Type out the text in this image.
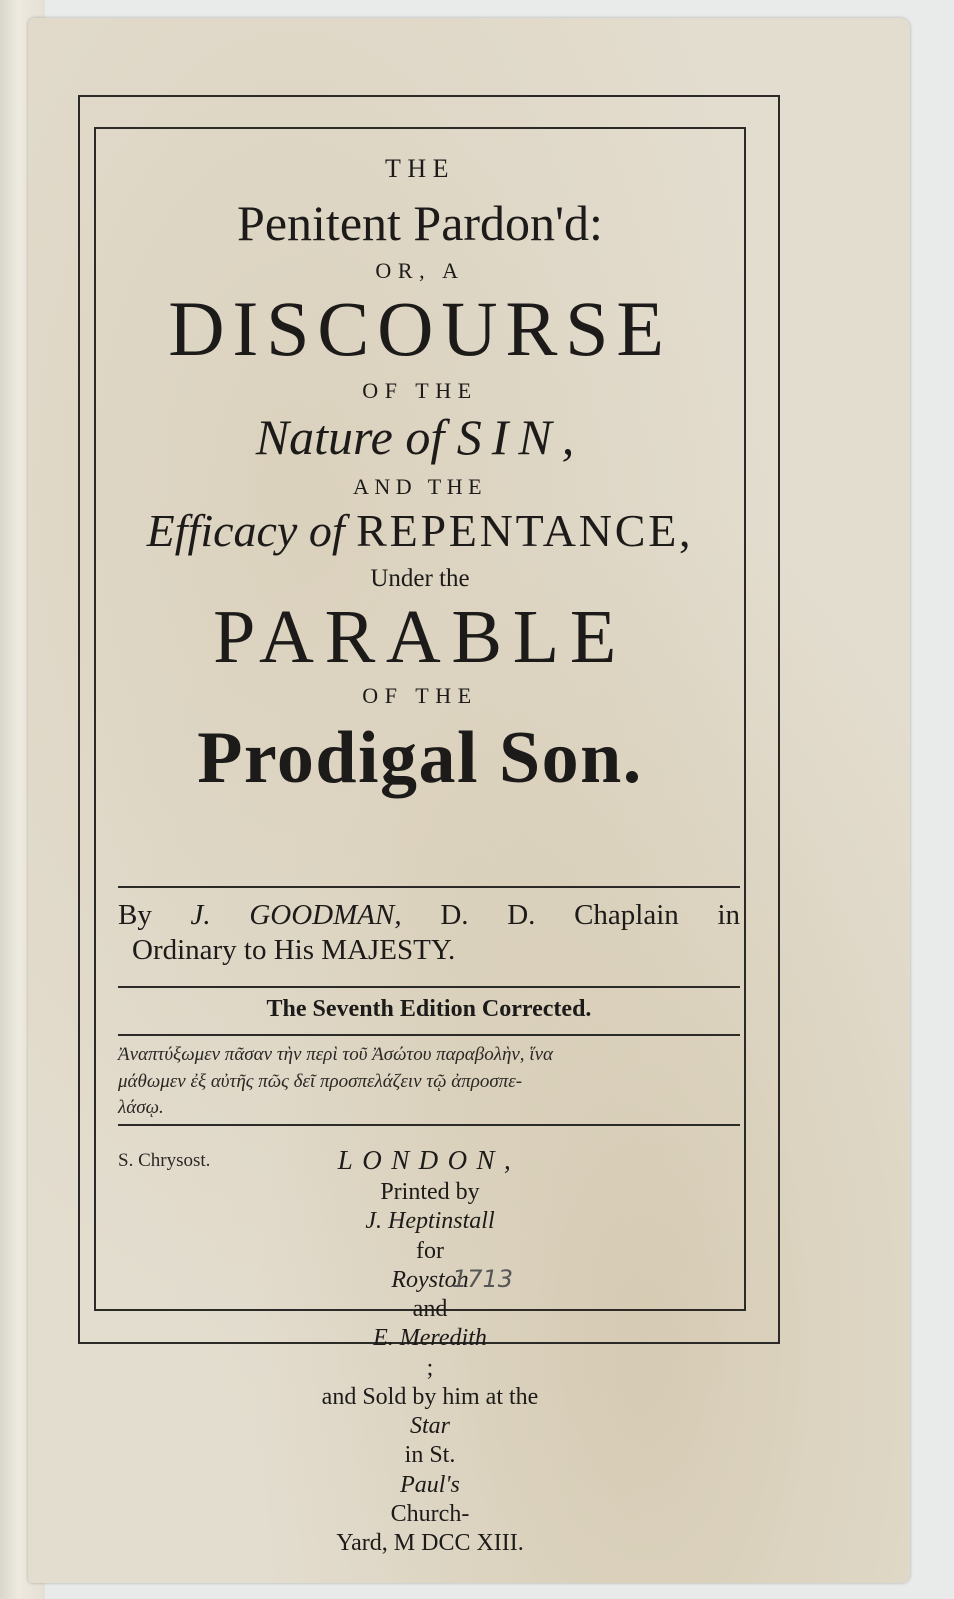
THE
Penitent Pardon'd:
OR, A
DISCOURSE
OF THE
Nature of SIN,
AND THE
Efficacy of REPENTANCE,
Under the
PARABLE
OF THE
Prodigal Son.
By J. GOODMAN, D. D. Chaplain in
Ordinary to His MAJESTY.
The Seventh Edition Corrected.
Ἀναπτύξωμεν πᾶσαν τὴν περὶ τοῦ Ἀσώτου παραβολὴν, ἵνα
μάθωμεν ἐξ αὐτῆς πῶς δεῖ προσπελάζειν τῷ ἀπροσπε-
λάσῳ.

S. Chrysost.	LONDON,
Printed by
J. Heptinstall
for
Royston
and
E. Meredith
;
and Sold by him at the
Star
in St.
Paul's
Church-
Yard, M DCC XIII.
1713
